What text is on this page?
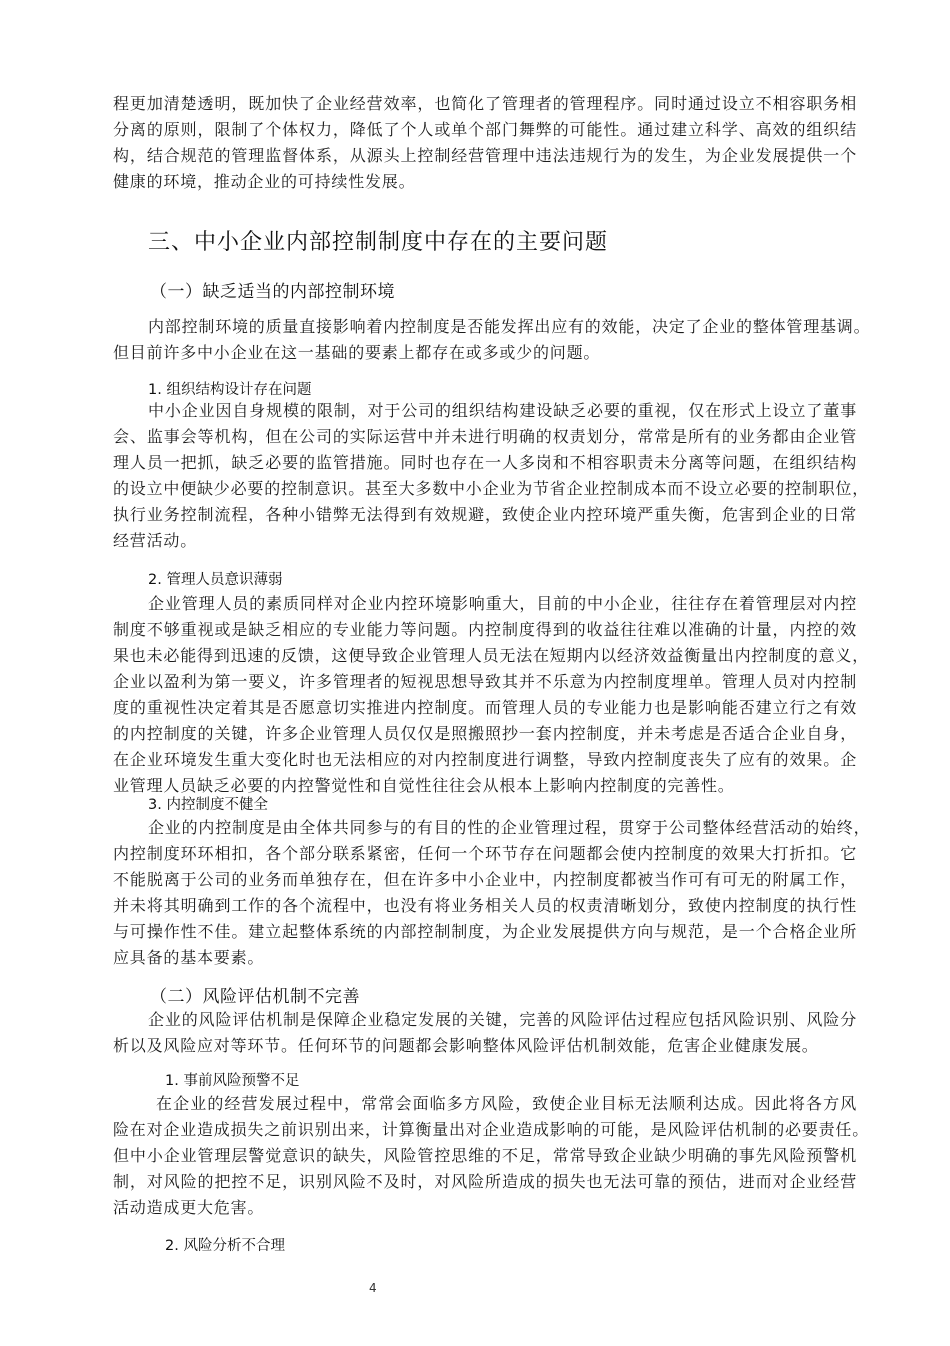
程更加清楚透明，既加快了企业经营效率，也简化了管理者的管理程序。同时通过设立不相容职务相
分离的原则，限制了个体权力，降低了个人或单个部门舞弊的可能性。通过建立科学、高效的组织结
构，结合规范的管理监督体系，从源头上控制经营管理中违法违规行为的发生，为企业发展提供一个
健康的环境，推动企业的可持续性发展。
三、中小企业内部控制制度中存在的主要问题
（一）缺乏适当的内部控制环境
内部控制环境的质量直接影响着内控制度是否能发挥出应有的效能，决定了企业的整体管理基调。
但目前许多中小企业在这一基础的要素上都存在或多或少的问题。
1. 组织结构设计存在问题
中小企业因自身规模的限制，对于公司的组织结构建设缺乏必要的重视，仅在形式上设立了董事
会、监事会等机构，但在公司的实际运营中并未进行明确的权责划分，常常是所有的业务都由企业管
理人员一把抓，缺乏必要的监管措施。同时也存在一人多岗和不相容职责未分离等问题，在组织结构
的设立中便缺少必要的控制意识。甚至大多数中小企业为节省企业控制成本而不设立必要的控制职位，
执行业务控制流程，各种小错弊无法得到有效规避，致使企业内控环境严重失衡，危害到企业的日常
经营活动。
2. 管理人员意识薄弱
企业管理人员的素质同样对企业内控环境影响重大，目前的中小企业，往往存在着管理层对内控
制度不够重视或是缺乏相应的专业能力等问题。内控制度得到的收益往往难以准确的计量，内控的效
果也未必能得到迅速的反馈，这便导致企业管理人员无法在短期内以经济效益衡量出内控制度的意义，
企业以盈利为第一要义，许多管理者的短视思想导致其并不乐意为内控制度埋单。管理人员对内控制
度的重视性决定着其是否愿意切实推进内控制度。而管理人员的专业能力也是影响能否建立行之有效
的内控制度的关键，许多企业管理人员仅仅是照搬照抄一套内控制度，并未考虑是否适合企业自身，
在企业环境发生重大变化时也无法相应的对内控制度进行调整，导致内控制度丧失了应有的效果。企
业管理人员缺乏必要的内控警觉性和自觉性往往会从根本上影响内控制度的完善性。
3. 内控制度不健全
企业的内控制度是由全体共同参与的有目的性的企业管理过程，贯穿于公司整体经营活动的始终，
内控制度环环相扣，各个部分联系紧密，任何一个环节存在问题都会使内控制度的效果大打折扣。它
不能脱离于公司的业务而单独存在，但在许多中小企业中，内控制度都被当作可有可无的附属工作，
并未将其明确到工作的各个流程中，也没有将业务相关人员的权责清晰划分，致使内控制度的执行性
与可操作性不佳。建立起整体系统的内部控制制度，为企业发展提供方向与规范，是一个合格企业所
应具备的基本要素。
（二）风险评估机制不完善
企业的风险评估机制是保障企业稳定发展的关键，完善的风险评估过程应包括风险识别、风险分
析以及风险应对等环节。任何环节的问题都会影响整体风险评估机制效能，危害企业健康发展。
1. 事前风险预警不足
在企业的经营发展过程中，常常会面临多方风险，致使企业目标无法顺利达成。因此将各方风
险在对企业造成损失之前识别出来，计算衡量出对企业造成影响的可能，是风险评估机制的必要责任。
但中小企业管理层警觉意识的缺失，风险管控思维的不足，常常导致企业缺少明确的事先风险预警机
制，对风险的把控不足，识别风险不及时，对风险所造成的损失也无法可靠的预估，进而对企业经营
活动造成更大危害。
2. 风险分析不合理
4
